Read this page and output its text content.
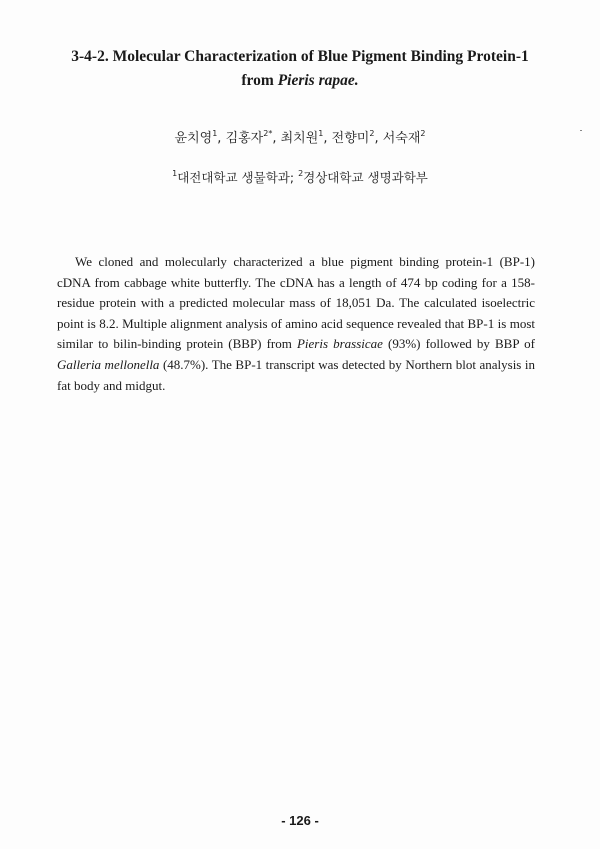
3-4-2. Molecular Characterization of Blue Pigment Binding Protein-1
from Pieris rapae.
윤치영$^1$, 김홍자$^{2*}$, 최치원$^1$, 전향미$^2$, 서숙재$^2$
$^1$대전대학교 생물학과; $^2$경상대학교 생명과학부

We cloned and molecularly characterized a blue pigment binding protein-1 (BP-1) cDNA from cabbage white butterfly. The cDNA has a length of 474 bp coding for a 158-residue protein with a predicted molecular mass of 18,051 Da. The calculated isoelectric point is 8.2. Multiple alignment analysis of amino acid sequence revealed that BP-1 is most similar to bilin-binding protein (BBP) from Pieris brassicae (93%) followed by BBP of Galleria mellonella (48.7%). The BP-1 transcript was detected by Northern blot analysis in fat body and midgut.

- 126 -
